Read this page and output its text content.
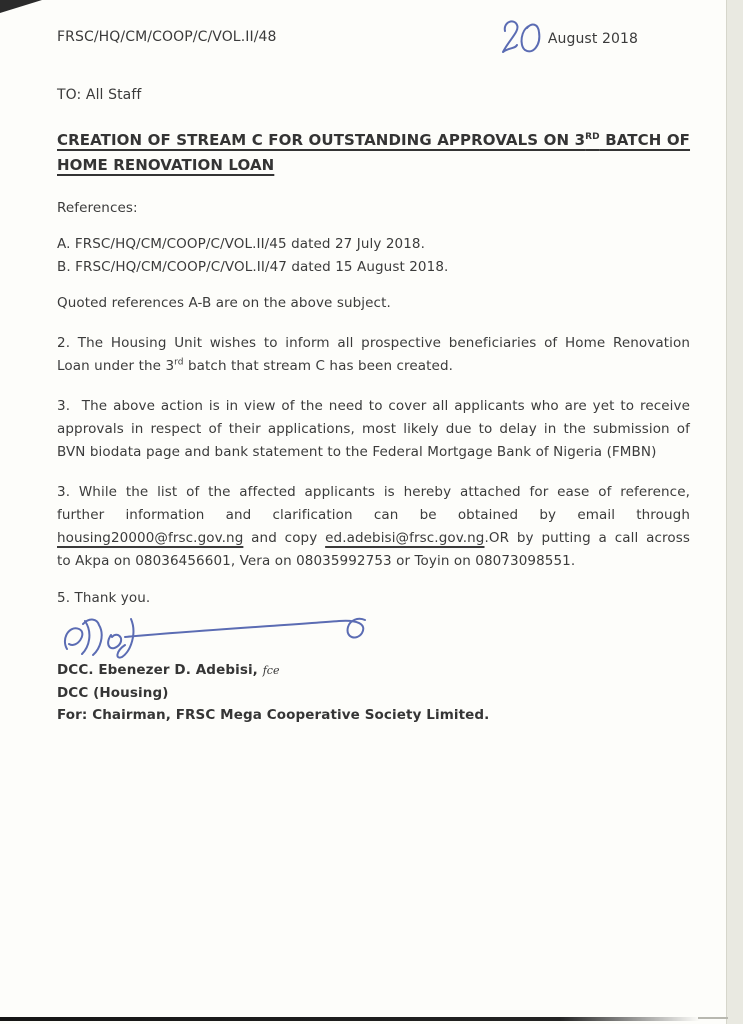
FRSC/HQ/CM/COOP/C/VOL.II/48	August 2018
TO: All Staff
CREATION OF STREAM C FOR OUTSTANDING APPROVALS ON 3RD BATCH OF
HOME RENOVATION LOAN
References:
A. FRSC/HQ/CM/COOP/C/VOL.II/45 dated 27 July 2018.
B. FRSC/HQ/CM/COOP/C/VOL.II/47 dated 15 August 2018.
Quoted references A-B are on the above subject.
2. The Housing Unit wishes to inform all prospective beneficiaries of Home Renovation
Loan under the 3rd batch that stream C has been created.
3.  The above action is in view of the need to cover all applicants who are yet to receive
approvals in respect of their applications, most likely due to delay in the submission of
BVN biodata page and bank statement to the Federal Mortgage Bank of Nigeria (FMBN)
3. While the list of the affected applicants is hereby attached for ease of reference,
further information and clarification can be obtained by email through
housing20000@frsc.gov.ng and copy ed.adebisi@frsc.gov.ng.OR by putting a call across
to Akpa on 08036456601, Vera on 08035992753 or Toyin on 08073098551.
5. Thank you.
DCC. Ebenezer D. Adebisi, fce
DCC (Housing)
For: Chairman, FRSC Mega Cooperative Society Limited.
